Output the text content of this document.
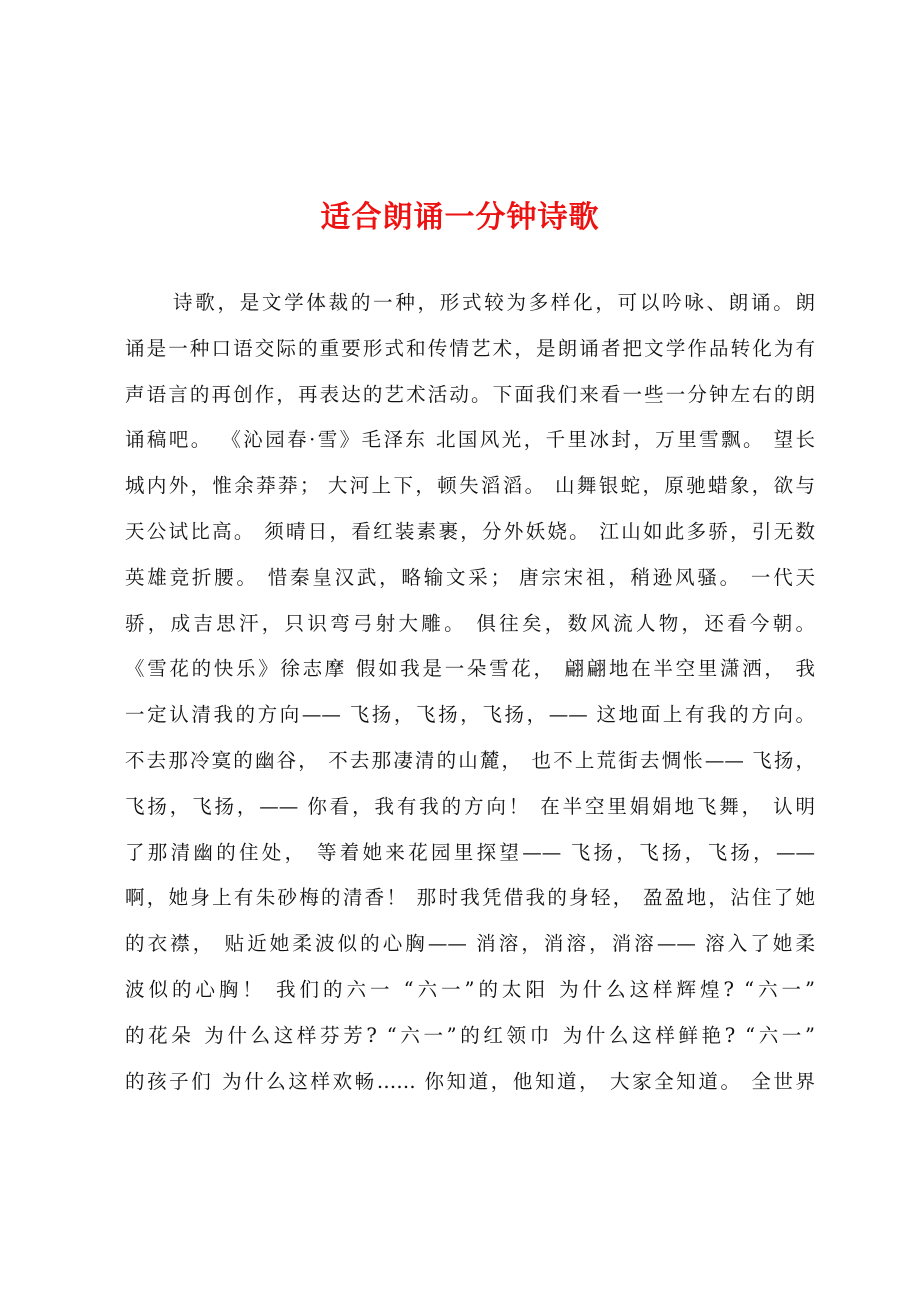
适合朗诵一分钟诗歌
诗歌，是文学体裁的一种，形式较为多样化，可以吟咏、朗诵。朗
诵是一种口语交际的重要形式和传情艺术，是朗诵者把文学作品转化为有
声语言的再创作，再表达的艺术活动。下面我们来看一些一分钟左右的朗
诵稿吧。 《沁园春·雪》毛泽东 北国风光，千里冰封，万里雪飘。 望长
城内外，惟余莽莽； 大河上下，顿失滔滔。 山舞银蛇，原驰蜡象，欲与
天公试比高。 须晴日，看红装素裹，分外妖娆。 江山如此多骄，引无数
英雄竞折腰。 惜秦皇汉武，略输文采； 唐宗宋祖，稍逊风骚。 一代天
骄，成吉思汗，只识弯弓射大雕。 俱往矣，数风流人物，还看今朝。
《雪花的快乐》徐志摩 假如我是一朵雪花， 翩翩地在半空里潇洒， 我
一定认清我的方向—— 飞扬，飞扬，飞扬，—— 这地面上有我的方向。
不去那冷寞的幽谷， 不去那凄清的山麓， 也不上荒街去惆怅—— 飞扬，
飞扬，飞扬，—— 你看，我有我的方向！ 在半空里娟娟地飞舞， 认明
了那清幽的住处， 等着她来花园里探望—— 飞扬，飞扬，飞扬，——
啊，她身上有朱砂梅的清香！ 那时我凭借我的身轻， 盈盈地，沾住了她
的衣襟， 贴近她柔波似的心胸—— 消溶，消溶，消溶—— 溶入了她柔
波似的心胸！ 我们的六一 “六一”的太阳 为什么这样辉煌? “六一”
的花朵 为什么这样芬芳? “六一”的红领巾 为什么这样鲜艳? “六一”
的孩子们 为什么这样欢畅…… 你知道，他知道， 大家全知道。 全世界
